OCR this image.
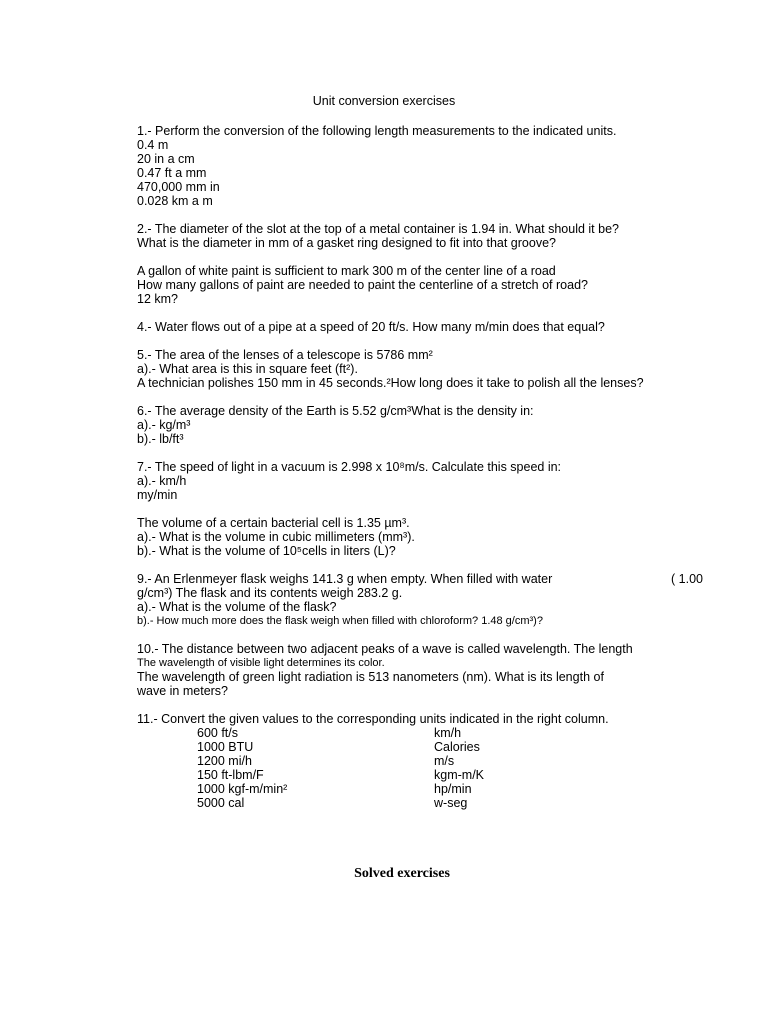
Unit conversion exercises
1.- Perform the conversion of the following length measurements to the indicated units.
0.4 m
20 in a cm
0.47 ft a mm
470,000 mm in
0.028 km a m
2.- The diameter of the slot at the top of a metal container is 1.94 in. What should it be?
What is the diameter in mm of a gasket ring designed to fit into that groove?
A gallon of white paint is sufficient to mark 300 m of the center line of a road
How many gallons of paint are needed to paint the centerline of a stretch of road?
12 km?
4.- Water flows out of a pipe at a speed of 20 ft/s. How many m/min does that equal?
5.- The area of the lenses of a telescope is 5786 mm²
a).- What area is this in square feet (ft²).
A technician polishes 150 mm in 45 seconds.²How long does it take to polish all the lenses?
6.- The average density of the Earth is 5.52 g/cm³What is the density in:
a).- kg/m³
b).- lb/ft³
7.- The speed of light in a vacuum is 2.998 x 10⁸m/s. Calculate this speed in:
a).- km/h
my/min
The volume of a certain bacterial cell is 1.35 µm³.
a).- What is the volume in cubic millimeters (mm³).
b).- What is the volume of 10⁵cells in liters (L)?
9.- An Erlenmeyer flask weighs 141.3 g when empty. When filled with water	( 1.00
g/cm³) The flask and its contents weigh 283.2 g.
a).- What is the volume of the flask?
b).- How much more does the flask weigh when filled with chloroform? 1.48 g/cm³)?
10.- The distance between two adjacent peaks of a wave is called wavelength. The length
The wavelength of visible light determines its color.
The wavelength of green light radiation is 513 nanometers (nm). What is its length of
wave in meters?
11.- Convert the given values to the corresponding units indicated in the right column.
600 ft/s	km/h
1000 BTU	Calories
1200 mi/h	m/s
150 ft-lbm/F	kgm-m/K
1000 kgf-m/min²	hp/min
5000 cal	w-seg
Solved exercises
